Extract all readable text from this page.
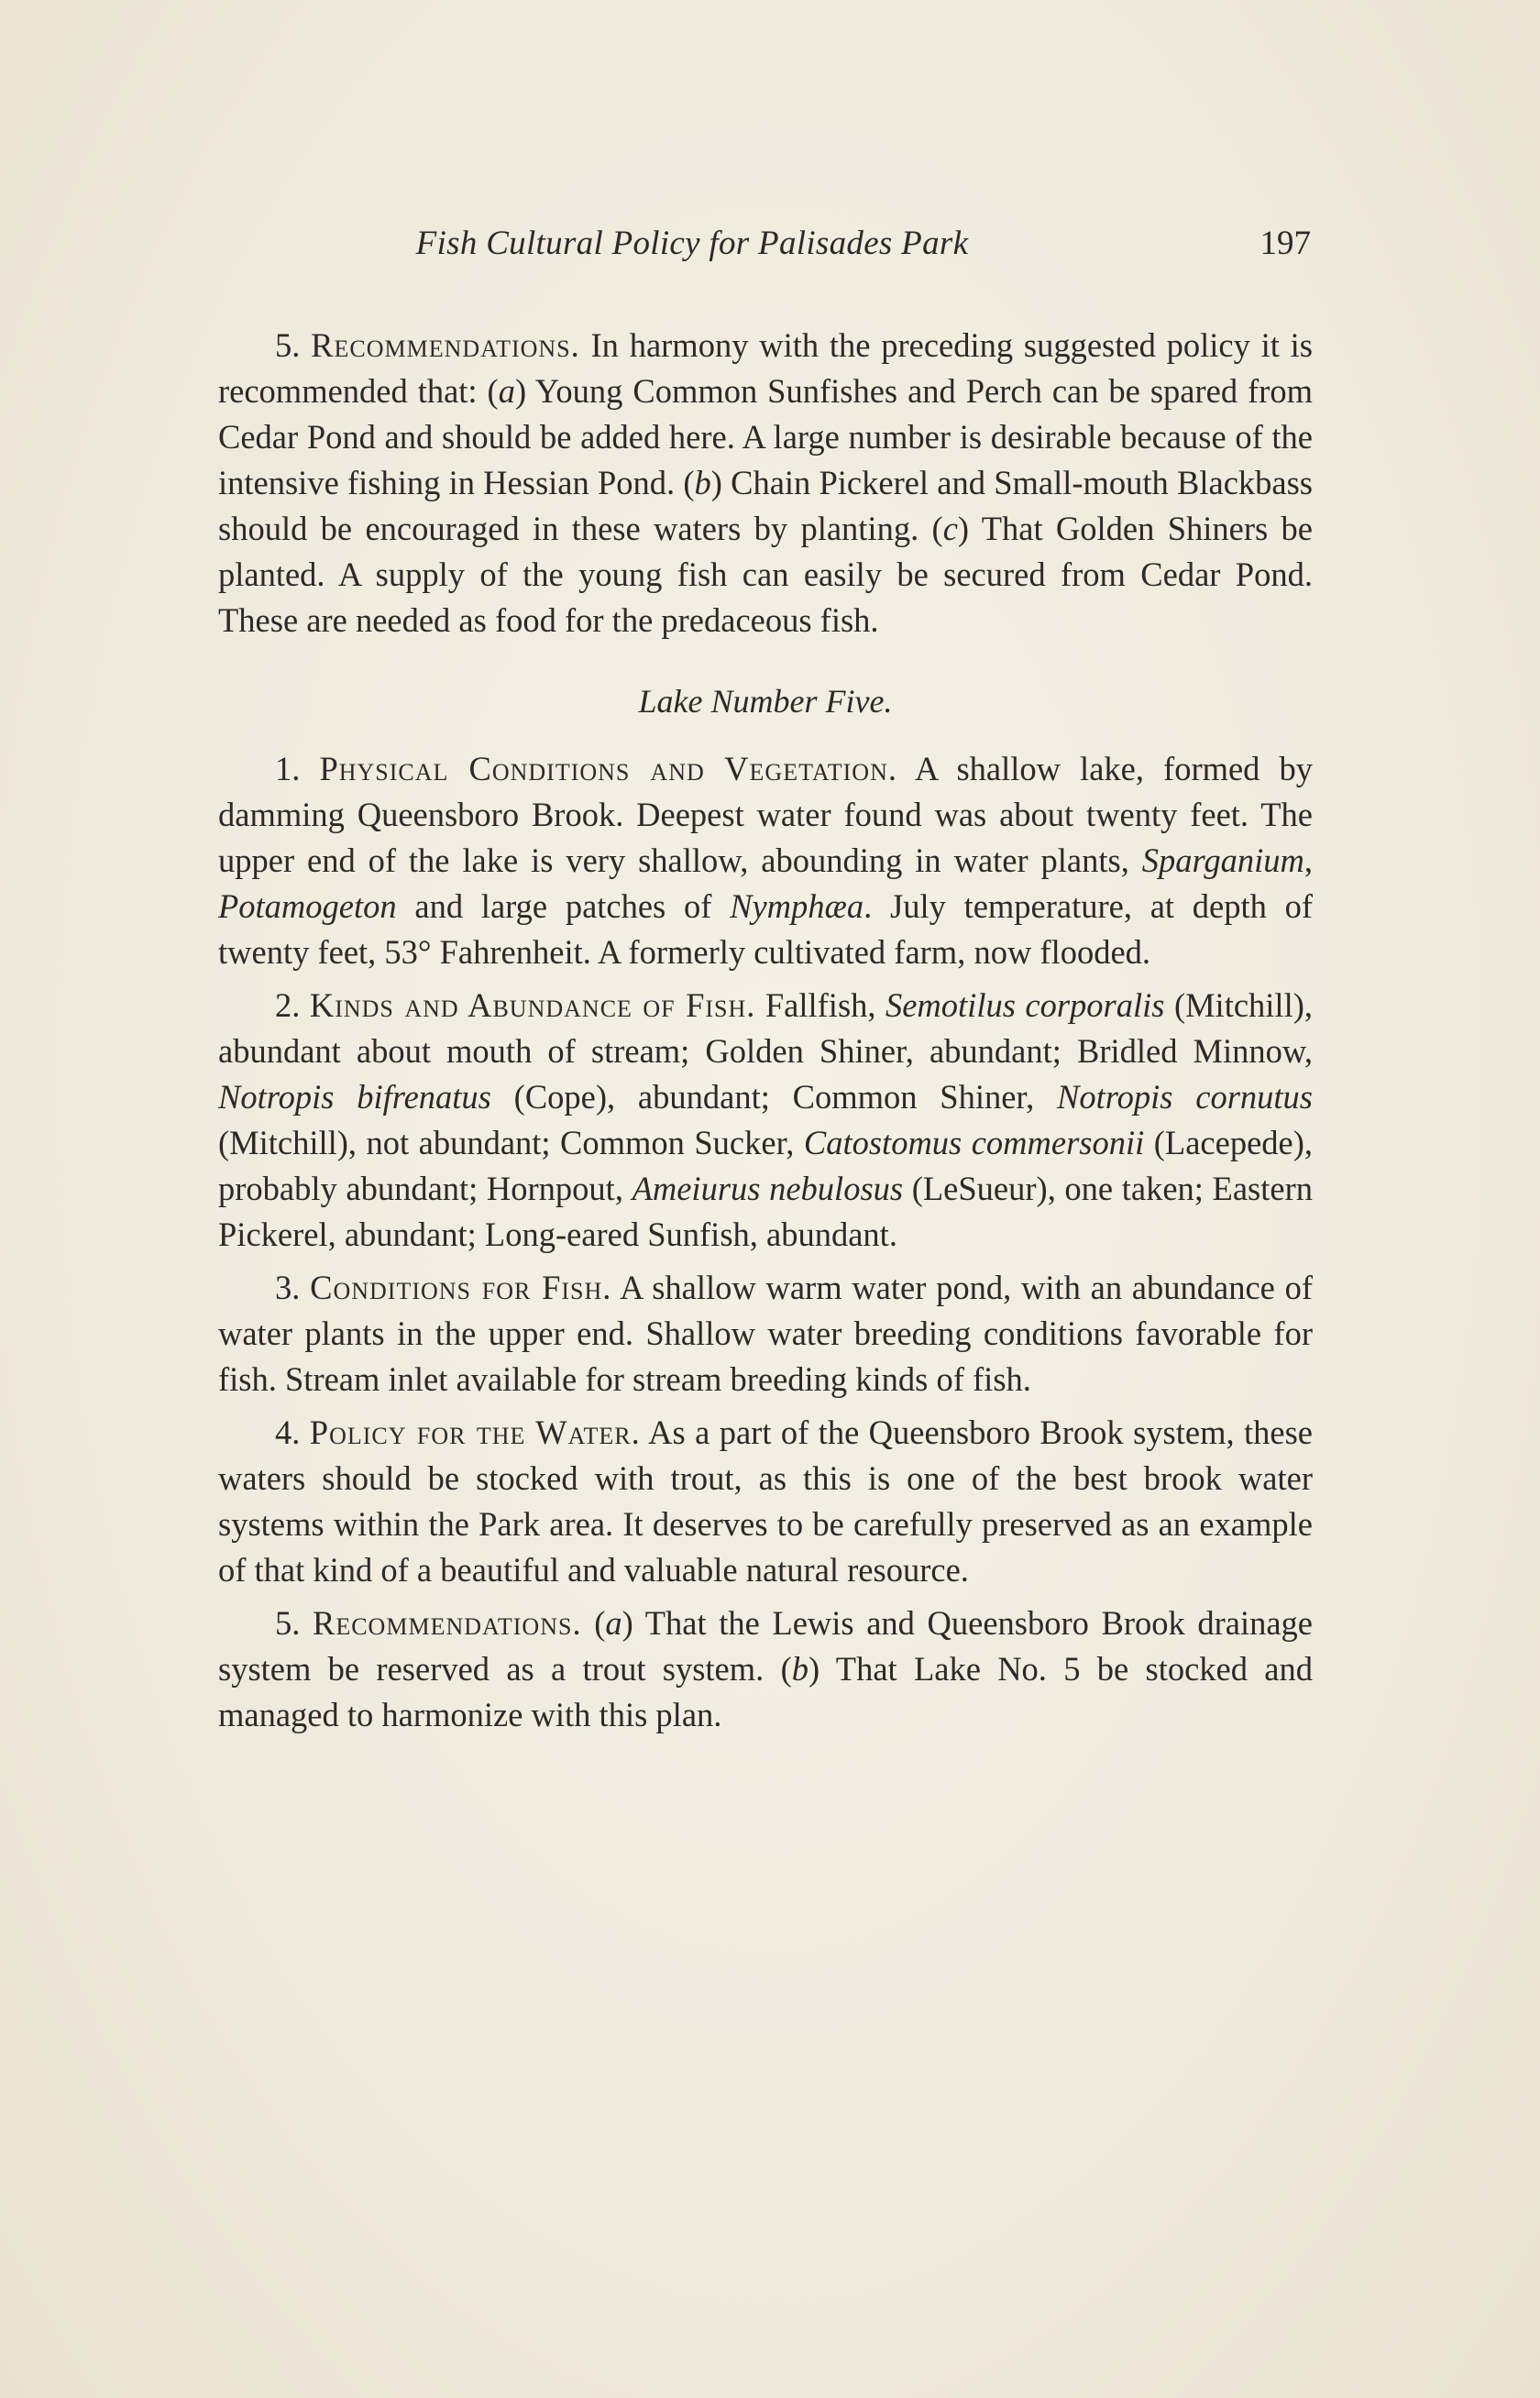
Fish Cultural Policy for Palisades Park	197

5. Recommendations. In harmony with the preceding suggested policy it is recommended that: (a) Young Common Sunfishes and Perch can be spared from Cedar Pond and should be added here. A large number is desirable because of the intensive fishing in Hessian Pond. (b) Chain Pickerel and Small-mouth Blackbass should be encouraged in these waters by planting. (c) That Golden Shiners be planted. A supply of the young fish can easily be secured from Cedar Pond. These are needed as food for the predaceous fish.

Lake Number Five.

1. Physical Conditions and Vegetation. A shallow lake, formed by damming Queensboro Brook. Deepest water found was about twenty feet. The upper end of the lake is very shallow, abounding in water plants, Sparganium, Potamogeton and large patches of Nymphæa. July temperature, at depth of twenty feet, 53° Fahrenheit. A formerly cultivated farm, now flooded.

2. Kinds and Abundance of Fish. Fallfish, Semotilus corporalis (Mitchill), abundant about mouth of stream; Golden Shiner, abundant; Bridled Minnow, Notropis bifrenatus (Cope), abundant; Common Shiner, Notropis cornutus (Mitchill), not abundant; Common Sucker, Catostomus commersonii (Lacepede), probably abundant; Hornpout, Ameiurus nebulosus (LeSueur), one taken; Eastern Pickerel, abundant; Long-eared Sunfish, abundant.

3. Conditions for Fish. A shallow warm water pond, with an abundance of water plants in the upper end. Shallow water breeding conditions favorable for fish. Stream inlet available for stream breeding kinds of fish.

4. Policy for the Water. As a part of the Queensboro Brook system, these waters should be stocked with trout, as this is one of the best brook water systems within the Park area. It deserves to be carefully preserved as an example of that kind of a beautiful and valuable natural resource.

5. Recommendations. (a) That the Lewis and Queensboro Brook drainage system be reserved as a trout system. (b) That Lake No. 5 be stocked and managed to harmonize with this plan.
